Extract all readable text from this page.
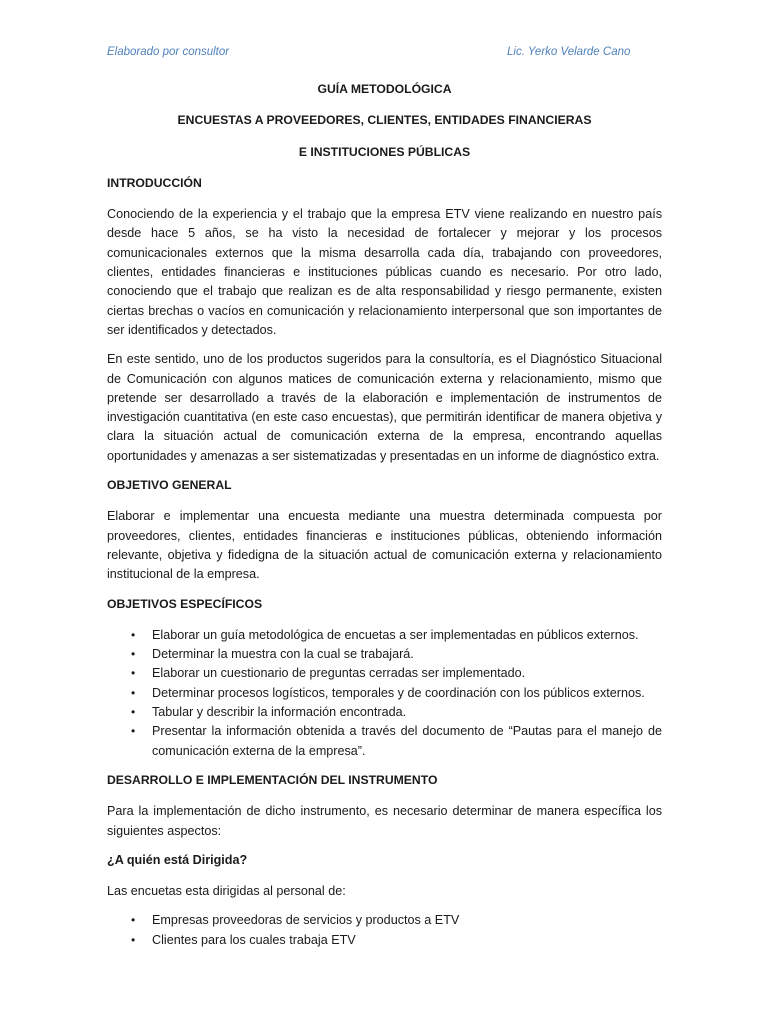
Elaborado por consultor	Lic. Yerko Velarde Cano
GUÍA METODOLÓGICA
ENCUESTAS A PROVEEDORES, CLIENTES, ENTIDADES FINANCIERAS
E INSTITUCIONES PÚBLICAS
INTRODUCCIÓN

Conociendo de la experiencia y el trabajo que la empresa ETV viene realizando en nuestro país desde hace 5 años, se ha visto la necesidad de fortalecer y mejorar y los procesos comunicacionales externos que la misma desarrolla cada día, trabajando con proveedores, clientes, entidades financieras e instituciones públicas cuando es necesario. Por otro lado, conociendo que el trabajo que realizan es de alta responsabilidad y riesgo permanente, existen ciertas brechas o vacíos en comunicación y relacionamiento interpersonal que son importantes de ser identificados y detectados.

En este sentido, uno de los productos sugeridos para la consultoría, es el Diagnóstico Situacional de Comunicación con algunos matices de comunicación externa y relacionamiento, mismo que pretende ser desarrollado a través de la elaboración e implementación de instrumentos de investigación cuantitativa (en este caso encuestas), que permitirán identificar de manera objetiva y clara la situación actual de comunicación externa de la empresa, encontrando aquellas oportunidades y amenazas a ser sistematizadas y presentadas en un informe de diagnóstico extra.

OBJETIVO GENERAL

Elaborar e implementar una encuesta mediante una muestra determinada compuesta por proveedores, clientes, entidades financieras e instituciones públicas, obteniendo información relevante, objetiva y fidedigna de la situación actual de comunicación externa y relacionamiento institucional de la empresa.

OBJETIVOS ESPECÍFICOS
• Elaborar un guía metodológica de encuetas a ser implementadas en públicos externos.
• Determinar la muestra con la cual se trabajará.
• Elaborar un cuestionario de preguntas cerradas ser implementado.
• Determinar procesos logísticos, temporales y de coordinación con los públicos externos.
• Tabular y describir la información encontrada.
• Presentar la información obtenida a través del documento de “Pautas para el manejo de comunicación externa de la empresa”.
DESARROLLO E IMPLEMENTACIÓN DEL INSTRUMENTO

Para la implementación de dicho instrumento, es necesario determinar de manera específica los siguientes aspectos:

¿A quién está Dirigida?

Las encuetas esta dirigidas al personal de:

• Empresas proveedoras de servicios y productos a ETV
• Clientes para los cuales trabaja ETV
